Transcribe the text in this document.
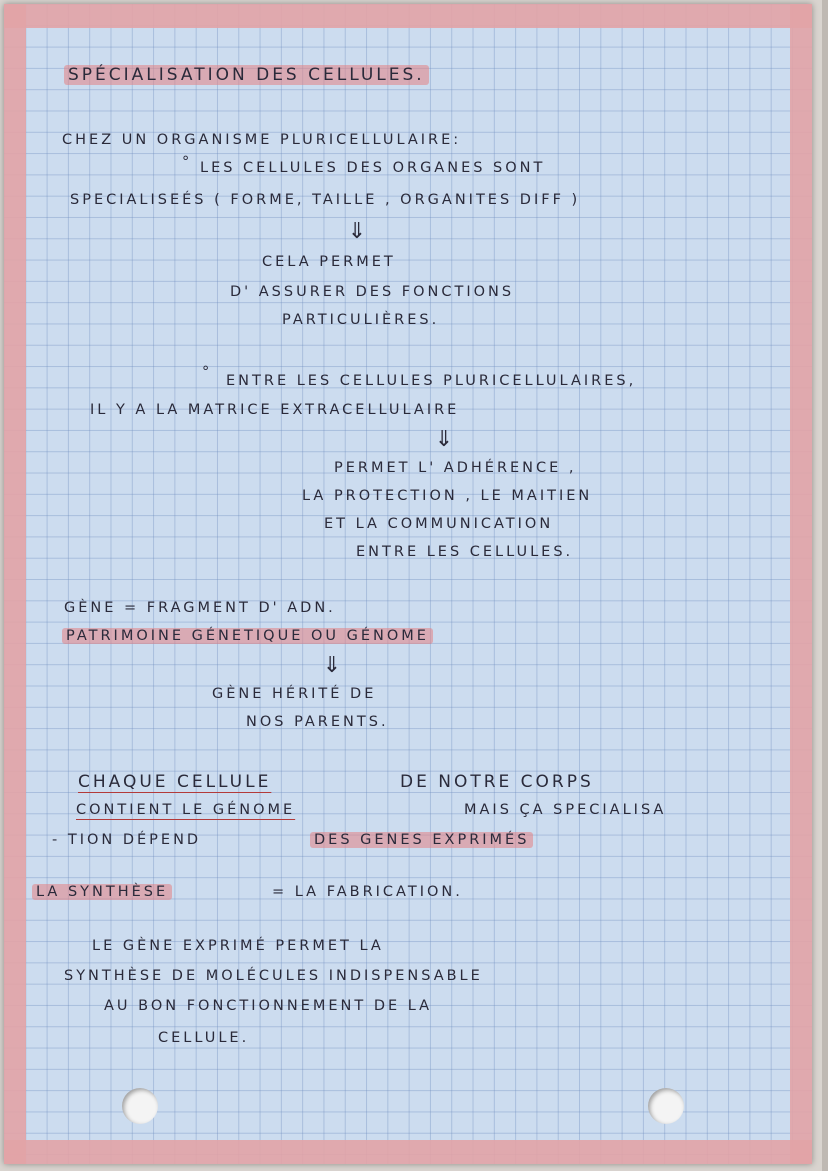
SPÉCIALISATION DES CELLULES.
CHEZ UN ORGANISME PLURICELLULAIRE:
° LES CELLULES DES ORGANES SONT
SPECIALISEÉS ( FORME, TAILLE , ORGANITES DIFF )
⇓
CELA PERMET
D' ASSURER DES FONCTIONS
PARTICULIÈRES.
°
ENTRE LES CELLULES PLURICELLULAIRES,
IL Y A LA MATRICE EXTRACELLULAIRE
⇓
PERMET L' ADHÉRENCE ,
LA PROTECTION , LE MAITIEN
ET LA COMMUNICATION
ENTRE LES CELLULES.
GÈNE = FRAGMENT D' ADN.
PATRIMOINE GÉNETIQUE OU GÉNOME
⇓
GÈNE HÉRITÉ DE
NOS PARENTS.
CHAQUE CELLULE	DE NOTRE CORPS
CONTIENT LE GÉNOME	MAIS ÇA SPECIALISA
- TION DÉPEND	DES GENES EXPRIMÉS
LA SYNTHÈSE	= LA FABRICATION.
LE GÈNE EXPRIMÉ PERMET LA
SYNTHÈSE DE MOLÉCULES INDISPENSABLE
AU BON FONCTIONNEMENT DE LA
CELLULE.
